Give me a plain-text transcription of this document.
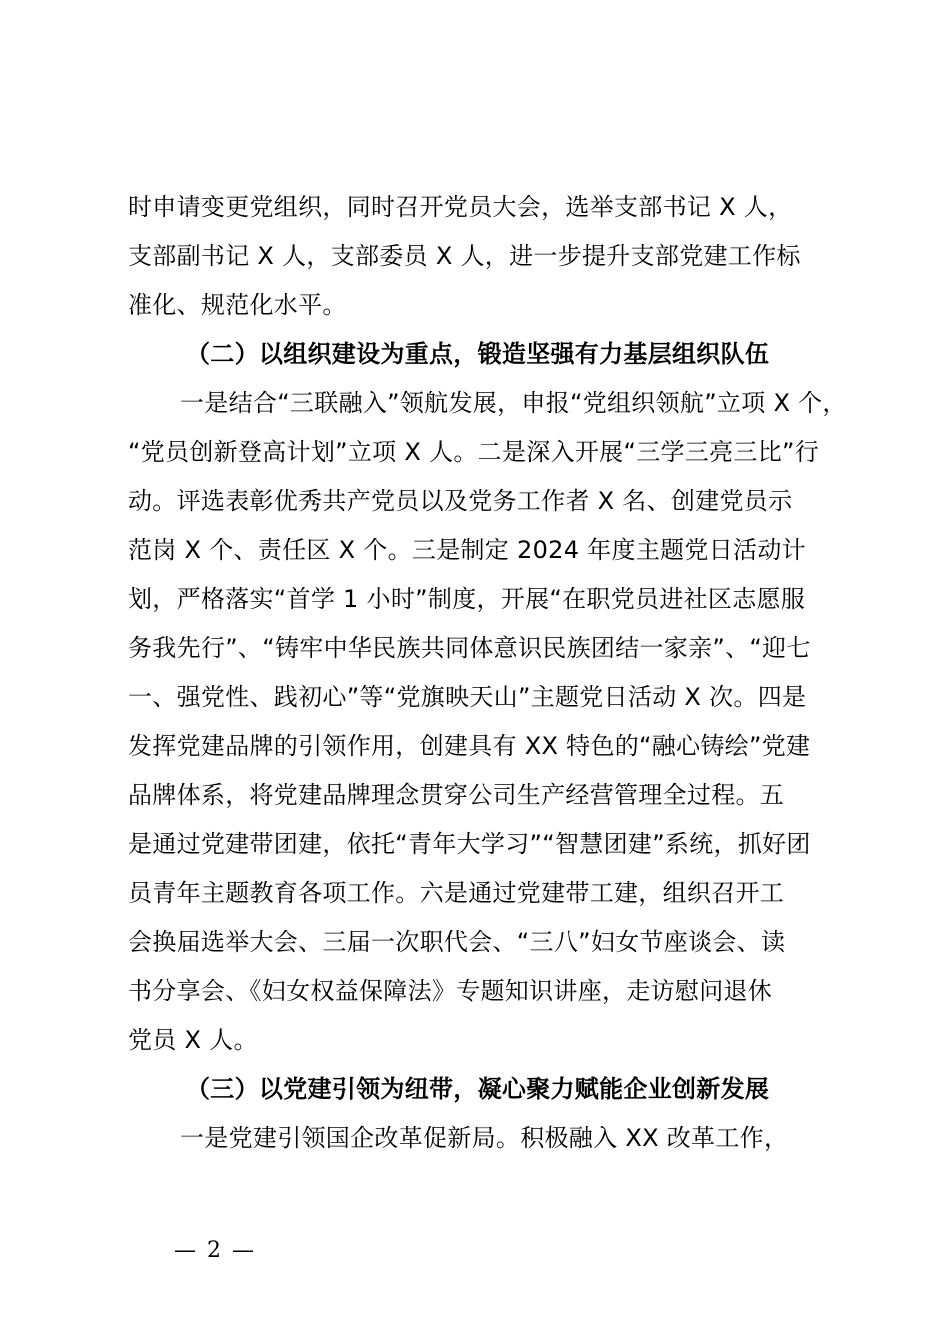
时申请变更党组织，同时召开党员大会，选举支部书记 X 人，
支部副书记 X 人，支部委员 X 人，进一步提升支部党建工作标
准化、规范化水平。
（二）以组织建设为重点，锻造坚强有力基层组织队伍
一是结合“三联融入”领航发展，申报“党组织领航”立项 X 个，
“党员创新登高计划”立项 X 人。二是深入开展“三学三亮三比”行
动。评选表彰优秀共产党员以及党务工作者 X 名、创建党员示
范岗 X 个、责任区 X 个。三是制定 2024 年度主题党日活动计
划，严格落实“首学 1 小时”制度，开展“在职党员进社区志愿服
务我先行”、“铸牢中华民族共同体意识民族团结一家亲”、“迎七
一、强党性、践初心”等“党旗映天山”主题党日活动 X 次。四是
发挥党建品牌的引领作用，创建具有 XX 特色的“融心铸绘”党建
品牌体系，将党建品牌理念贯穿公司生产经营管理全过程。五
是通过党建带团建，依托“青年大学习”“智慧团建”系统，抓好团
员青年主题教育各项工作。六是通过党建带工建，组织召开工
会换届选举大会、三届一次职代会、“三八”妇女节座谈会、读
书分享会、《妇女权益保障法》专题知识讲座，走访慰问退休
党员 X 人。
（三）以党建引领为纽带，凝心聚力赋能企业创新发展
一是党建引领国企改革促新局。积极融入 XX 改革工作，
— 2 —
